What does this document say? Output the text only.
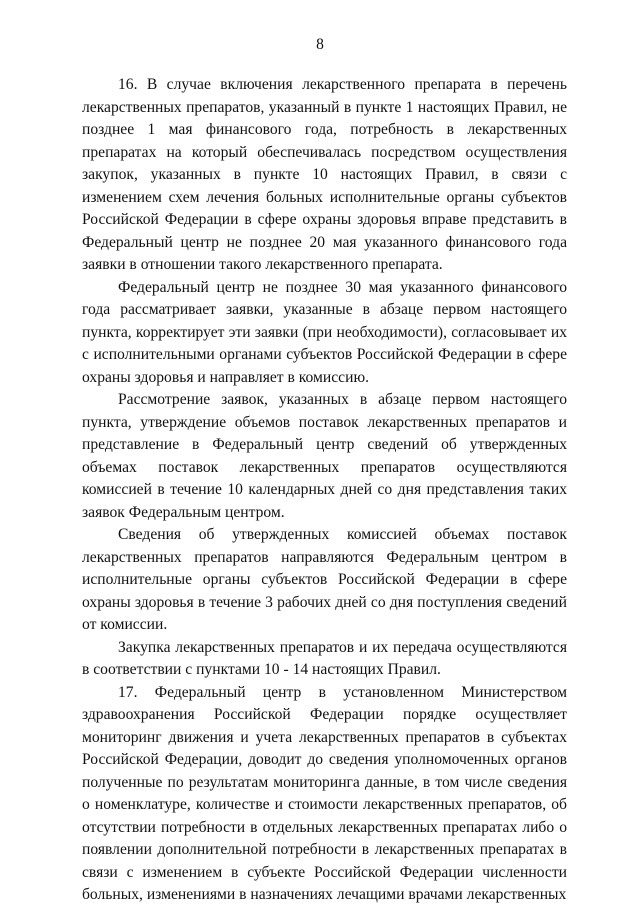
8

16. В случае включения лекарственного препарата в перечень лекарственных препаратов, указанный в пункте 1 настоящих Правил, не позднее 1 мая финансового года, потребность в лекарственных препаратах на который обеспечивалась посредством осуществления закупок, указанных в пункте 10 настоящих Правил, в связи с изменением схем лечения больных исполнительные органы субъектов Российской Федерации в сфере охраны здоровья вправе представить в Федеральный центр не позднее 20 мая указанного финансового года заявки в отношении такого лекарственного препарата.

Федеральный центр не позднее 30 мая указанного финансового года рассматривает заявки, указанные в абзаце первом настоящего пункта, корректирует эти заявки (при необходимости), согласовывает их с исполнительными органами субъектов Российской Федерации в сфере охраны здоровья и направляет в комиссию.

Рассмотрение заявок, указанных в абзаце первом настоящего пункта, утверждение объемов поставок лекарственных препаратов и представление в Федеральный центр сведений об утвержденных объемах поставок лекарственных препаратов осуществляются комиссией в течение 10 календарных дней со дня представления таких заявок Федеральным центром.

Сведения об утвержденных комиссией объемах поставок лекарственных препаратов направляются Федеральным центром в исполнительные органы субъектов Российской Федерации в сфере охраны здоровья в течение 3 рабочих дней со дня поступления сведений от комиссии.

Закупка лекарственных препаратов и их передача осуществляются в соответствии с пунктами 10 - 14 настоящих Правил.

17. Федеральный центр в установленном Министерством здравоохранения Российской Федерации порядке осуществляет мониторинг движения и учета лекарственных препаратов в субъектах Российской Федерации, доводит до сведения уполномоченных органов полученные по результатам мониторинга данные, в том числе сведения о номенклатуре, количестве и стоимости лекарственных препаратов, об отсутствии потребности в отдельных лекарственных препаратах либо о появлении дополнительной потребности в лекарственных препаратах в связи с изменением в субъекте Российской Федерации численности больных, изменениями в назначениях лечащими врачами лекарственных
